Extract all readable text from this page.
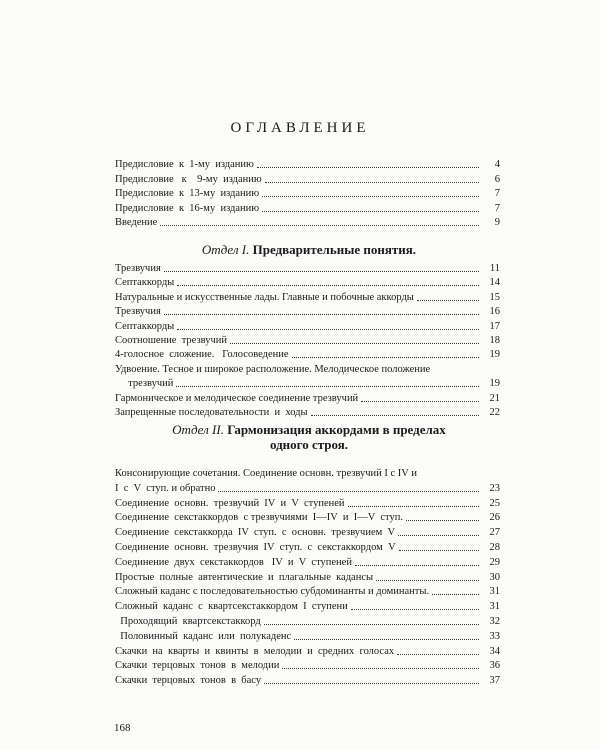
ОГЛАВЛЕНИЕ
Предисловие  к  1-му  изданию	4
Предисловие   к    9-му  изданию	6
Предисловие  к  13-му  изданию	7
Предисловие  к  16-му  изданию	7
Введение	9
Отдел I. Предварительные понятия.
Трезвучия	11
Септаккорды	14
Натуральные и искусственные лады. Главные и побочные аккорды	15
Трезвучия	16
Септаккорды	17
Соотношение  трезвучий	18
4-голосное  сложение.   Голосоведение	19
Удвоение. Тесное и широкое расположение. Мелодическое положение
трезвучий	19
Гармоническое и мелодическое соединение трезвучий	21
Запрещенные последовательности  и  ходы	22
Отдел II. Гармонизация аккордами в пределах
одного строя.
Консонирующие сочетания. Соединение основн. трезвучий I с IV и
I  с  V  ступ. и обратно	23
Соединение  основн.  трезвучий  IV  и  V  ступеней	25
Соединение  секстаккордов  с трезвучиями  I—IV  и  I—V  ступ.	26
Соединение  секстаккорда  IV  ступ.  с  основн.  трезвучием  V	27
Соединение  основн.  трезвучия  IV  ступ.  с  секстаккордом  V	28
Соединение  двух  секстаккордов   IV  и  V  ступеней	29
Простые  полные  автентические  и  плагальные  каданcы	30
Сложный кадaнс с последовательностью субдоминанты и доминанты.	31
Сложный  кадaнс  с  квартсекстаккордом  I  ступени	31
Проходящий  квартсекстаккорд	32
Половинный  кадaнс  или  полукаденс	33
Скачки  на  кварты  и  квинты  в  мелодии  и  средних  голосах	34
Скачки  терцовых  тонов  в  мелодии	36
Скачки  терцовых  тонов  в  басу	37
168
